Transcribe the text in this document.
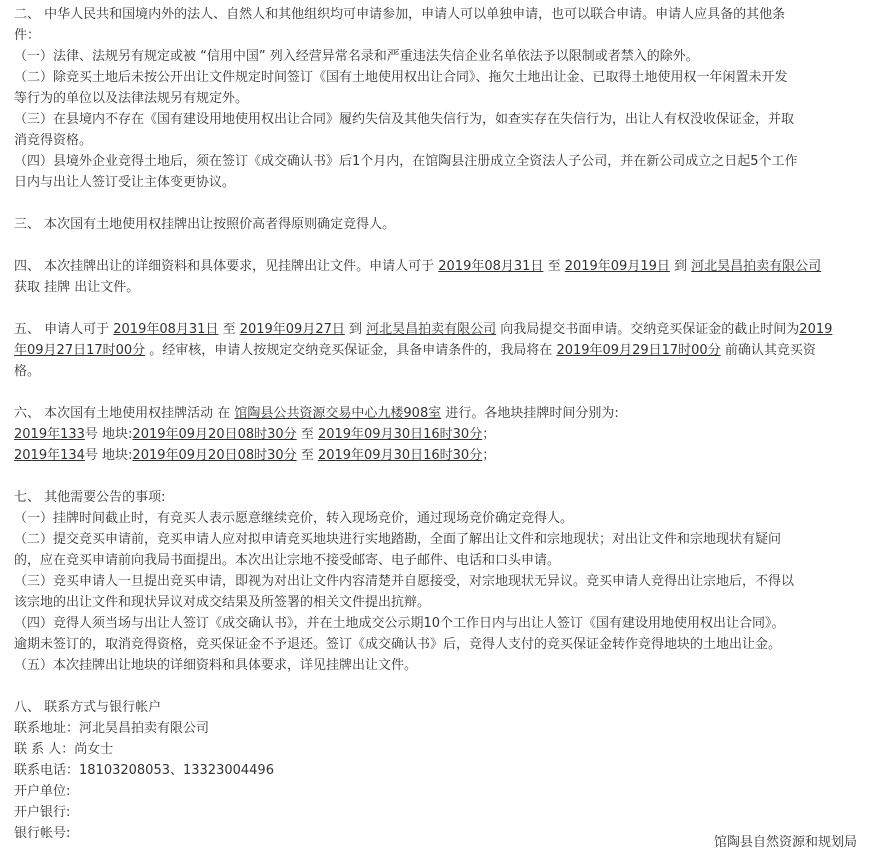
二、 中华人民共和国境内外的法人、自然人和其他组织均可申请参加，申请人可以单独申请，也可以联合申请。申请人应具备的其他条
件：
（一）法律、法规另有规定或被 “信用中国” 列入经营异常名录和严重违法失信企业名单依法予以限制或者禁入的除外。
（二）除竞买土地后未按公开出让文件规定时间签订《国有土地使用权出让合同》、拖欠土地出让金、已取得土地使用权一年闲置未开发
等行为的单位以及法律法规另有规定外。
（三）在县境内不存在《国有建设用地使用权出让合同》履约失信及其他失信行为，如查实存在失信行为，出让人有权没收保证金，并取
消竞得资格。
（四）县境外企业竞得土地后，须在签订《成交确认书》后1个月内，在馆陶县注册成立全资法人子公司，并在新公司成立之日起5个工作
日内与出让人签订受让主体变更协议。
三、 本次国有土地使用权挂牌出让按照价高者得原则确定竞得人。
四、 本次挂牌出让的详细资料和具体要求，见挂牌出让文件。申请人可于 2019年08月31日 至 2019年09月19日 到 河北昊昌拍卖有限公司
获取 挂牌 出让文件。
五、 申请人可于 2019年08月31日 至 2019年09月27日 到 河北昊昌拍卖有限公司 向我局提交书面申请。交纳竞买保证金的截止时间为2019
年09月27日17时00分 。经审核，申请人按规定交纳竞买保证金，具备申请条件的，我局将在 2019年09月29日17时00分 前确认其竞买资
格。
六、 本次国有土地使用权挂牌活动 在 馆陶县公共资源交易中心九楼908室 进行。各地块挂牌时间分别为:
2019年133号 地块:2019年09月20日08时30分 至 2019年09月30日16时30分；
2019年134号 地块:2019年09月20日08时30分 至 2019年09月30日16时30分；
七、 其他需要公告的事项:
（一）挂牌时间截止时，有竞买人表示愿意继续竞价，转入现场竞价，通过现场竞价确定竞得人。
（二）提交竞买申请前，竞买申请人应对拟申请竞买地块进行实地踏勘，全面了解出让文件和宗地现状；对出让文件和宗地现状有疑问
的，应在竞买申请前向我局书面提出。本次出让宗地不接受邮寄、电子邮件、电话和口头申请。
（三）竞买申请人一旦提出竞买申请，即视为对出让文件内容清楚并自愿接受，对宗地现状无异议。竞买申请人竞得出让宗地后，不得以
该宗地的出让文件和现状异议对成交结果及所签署的相关文件提出抗辩。
（四）竞得人须当场与出让人签订《成交确认书》，并在土地成交公示期10个工作日内与出让人签订《国有建设用地使用权出让合同》。
逾期未签订的，取消竞得资格，竞买保证金不予退还。签订《成交确认书》后，竞得人支付的竞买保证金转作竞得地块的土地出让金。
（五）本次挂牌出让地块的详细资料和具体要求，详见挂牌出让文件。
八、 联系方式与银行帐户
联系地址：河北昊昌拍卖有限公司
联 系 人：尚女士
联系电话：18103208053、13323004496
开户单位:
开户银行:
银行帐号:
馆陶县自然资源和规划局
